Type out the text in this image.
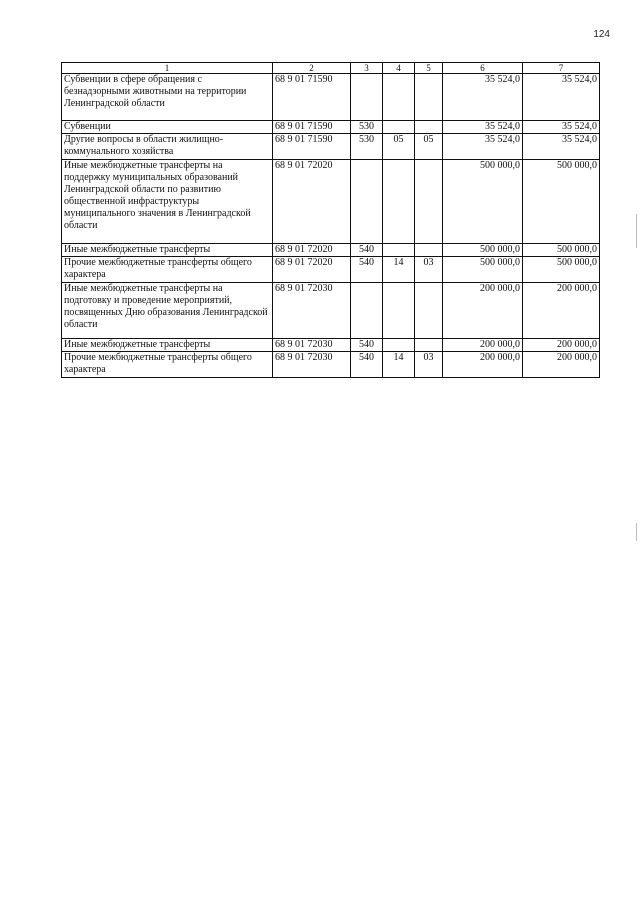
124
1	2	3	4	5	6	7
Субвенции в сфере обращения с безнадзорными животными на территории Ленинградской области	68 9 01 71590				35 524,0	35 524,0
Субвенции	68 9 01 71590	530			35 524,0	35 524,0
Другие вопросы в области жилищно-коммунального хозяйства	68 9 01 71590	530	05	05	35 524,0	35 524,0
Иные межбюджетные трансферты на поддержку муниципальных образований Ленинградской области по развитию общественной инфраструктуры муниципального значения в Ленинградской области	68 9 01 72020				500 000,0	500 000,0
Иные межбюджетные трансферты	68 9 01 72020	540			500 000,0	500 000,0
Прочие межбюджетные трансферты общего характера	68 9 01 72020	540	14	03	500 000,0	500 000,0
Иные межбюджетные трансферты на подготовку и проведение мероприятий, посвященных Дню образования Ленинградской области	68 9 01 72030				200 000,0	200 000,0
Иные межбюджетные трансферты	68 9 01 72030	540			200 000,0	200 000,0
Прочие межбюджетные трансферты общего характера	68 9 01 72030	540	14	03	200 000,0	200 000,0
